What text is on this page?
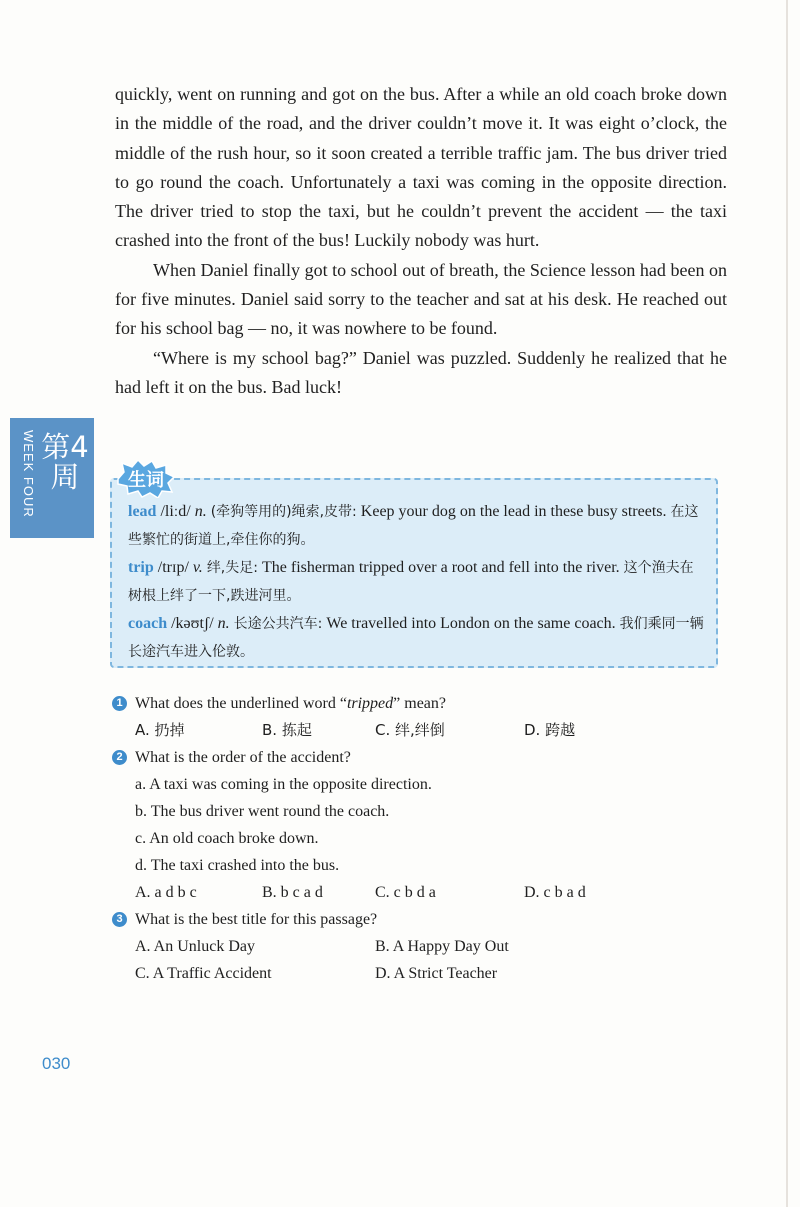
quickly, went on running and got on the bus. After a while an old coach broke down in the middle of the road, and the driver couldn’t move it. It was eight o’clock, the middle of the rush hour, so it soon created a terrible traffic jam. The bus driver tried to go round the coach. Unfortunately a taxi was coming in the opposite direction. The driver tried to stop the taxi, but he couldn’t prevent the accident — the taxi crashed into the front of the bus! Luckily nobody was hurt.

When Daniel finally got to school out of breath, the Science lesson had been on for five minutes. Daniel said sorry to the teacher and sat at his desk. He reached out for his school bag — no, it was nowhere to be found.

“Where is my school bag?” Daniel was puzzled. Suddenly he realized that he had left it on the bus. Bad luck!

WEEK FOUR 第4周	生词
lead /liːd/ n. (牵狗等用的)绳索,皮带: Keep your dog on the lead in these busy streets. 在这些繁忙的街道上,牵住你的狗。
trip /trɪp/ v. 绊,失足: The fisherman tripped over a root and fell into the river. 这个渔夫在树根上绊了一下,跌进河里。
coach /kəʊtʃ/ n. 长途公共汽车: We travelled into London on the same coach. 我们乘同一辆长途汽车进入伦敦。
1 What does the underlined word “tripped” mean?
A. 扔掉	B. 拣起	C. 绊,绊倒	D. 跨越
2 What is the order of the accident?
a. A taxi was coming in the opposite direction.
b. The bus driver went round the coach.
c. An old coach broke down.
d. The taxi crashed into the bus.
A. a d b c	B. b c a d	C. c b d a	D. c b a d
3 What is the best title for this passage?
A. An Unluck Day	B. A Happy Day Out
C. A Traffic Accident	D. A Strict Teacher
030
